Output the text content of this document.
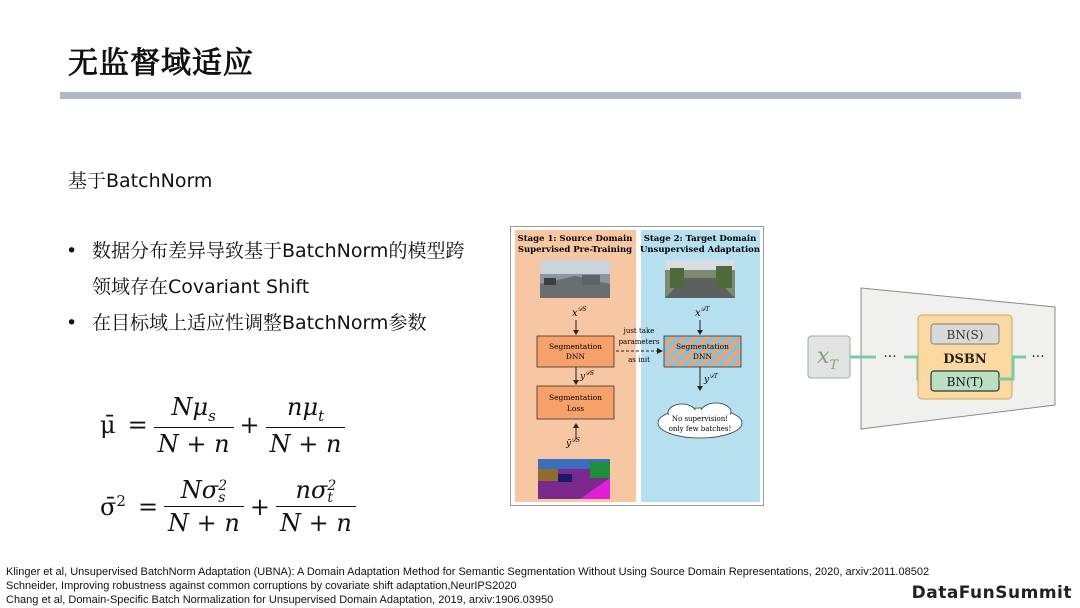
无监督域适应
基于BatchNorm
• 数据分布差异导致基于BatchNorm的模型跨
领域存在Covariant Shift
• 在目标域上适应性调整BatchNorm参数
μ̄ = $\frac{N\mu_s}{N + n} + \frac{n\mu_t}{N + n}$
σ̄$^2$ = Nσ 2
s
N + n + nσ 2
t
N + n
Stage 1: Source Domain
Supervised Pre-Training
Stage 2: Target Domain
Unsupervised Adaptation
$x^{𝒟S}$	$x^{𝒟T}$
Segmentation
DNN
Segmentation
DNN
just take
parameters
as init
$y^{𝒟S}$
$y^{𝒟T}$
Segmentation
Loss
No supervision!
only few batches!
$ȳ^{𝒟S}$
$x_T$
···
BN(S)
DSBN
BN(T)
···
Klinger et al, Unsupervised BatchNorm Adaptation (UBNA): A Domain Adaptation Method for Semantic Segmentation Without Using Source Domain Representations, 2020, arxiv:2011.08502
Schneider, Improving robustness against common corruptions by covariate shift adaptation,NeurIPS2020
Chang et al, Domain-Specific Batch Normalization for Unsupervised Domain Adaptation, 2019, arxiv:1906.03950	DataFunSummit
